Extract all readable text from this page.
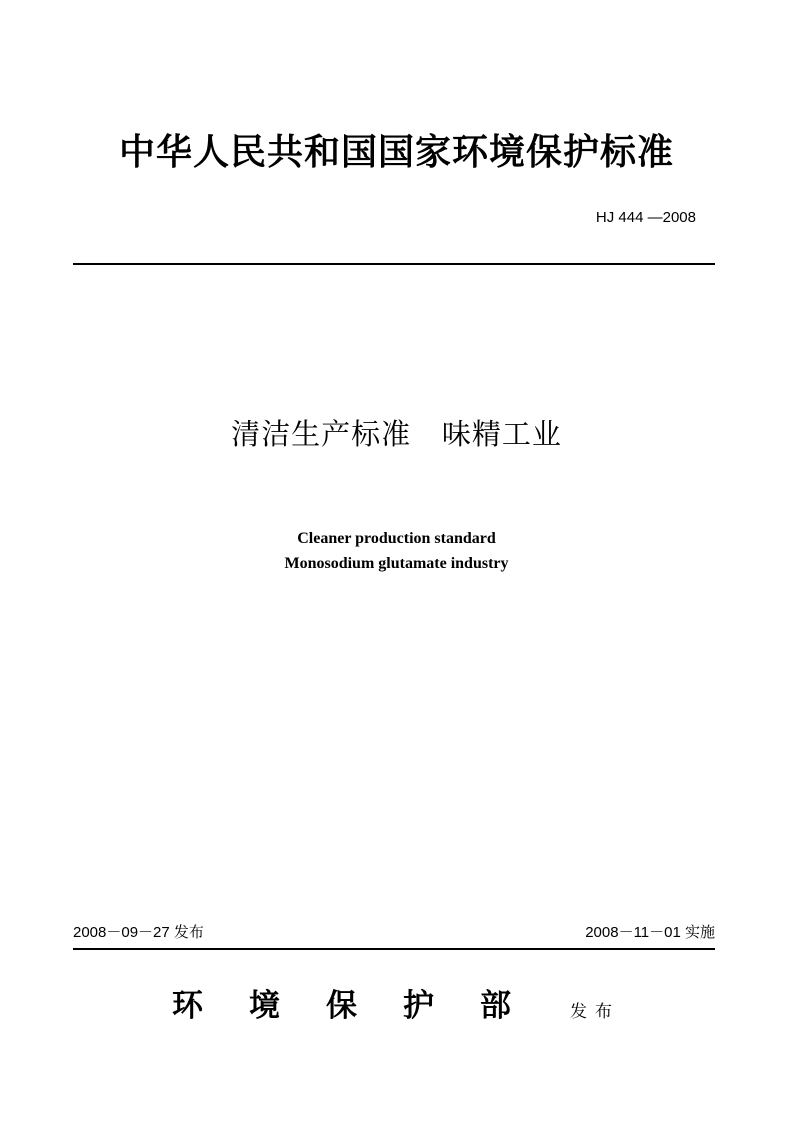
中华人民共和国国家环境保护标准
HJ 444 —2008
清洁生产标准   味精工业
Cleaner production standard
Monosodium glutamate industry
2008－09－27 发布	2008－11－01 实施
环境保护部 发布
